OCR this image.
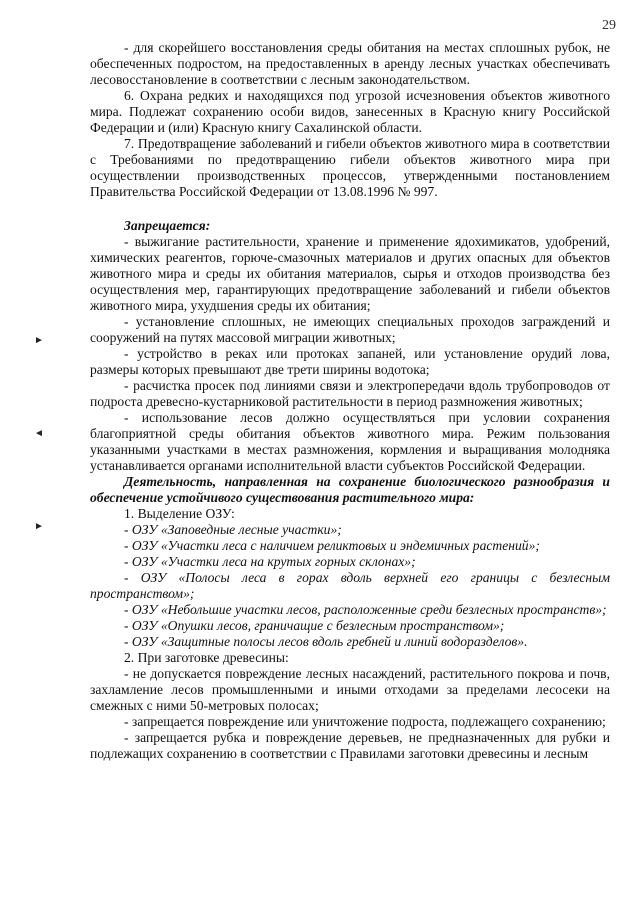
29
►
◄
►

- для скорейшего восстановления среды обитания на местах сплошных рубок, не обеспеченных подростом, на предоставленных в аренду лесных участках обеспечивать лесовосстановление в соответствии с лесным законодательством.

6. Охрана редких и находящихся под угрозой исчезновения объектов животного мира. Подлежат сохранению особи видов, занесенных в Красную книгу Российской Федерации и (или) Красную книгу Сахалинской области.

7. Предотвращение заболеваний и гибели объектов животного мира в соответствии с Требованиями по предотвращению гибели объектов животного мира при осуществлении производственных процессов, утвержденными постановлением Правительства Российской Федерации от 13.08.1996 № 997.

Запрещается:

- выжигание растительности, хранение и применение ядохимикатов, удобрений, химических реагентов, горюче-смазочных материалов и других опасных для объектов животного мира и среды их обитания материалов, сырья и отходов производства без осуществления мер, гарантирующих предотвращение заболеваний и гибели объектов животного мира, ухудшения среды их обитания;

- установление сплошных, не имеющих специальных проходов заграждений и сооружений на путях массовой миграции животных;

- устройство в реках или протоках запаней, или установление орудий лова, размеры которых превышают две трети ширины водотока;

- расчистка просек под линиями связи и электропередачи вдоль трубопроводов от подроста древесно-кустарниковой растительности в период размножения животных;

- использование лесов должно осуществляться при условии сохранения благоприятной среды обитания объектов животного мира. Режим пользования указанными участками в местах размножения, кормления и выращивания молодняка устанавливается органами исполнительной власти субъектов Российской Федерации.

Деятельность, направленная на сохранение биологического разнообразия и обеспечение устойчивого существования растительного мира:

1. Выделение ОЗУ:

- ОЗУ «Заповедные лесные участки»;

- ОЗУ «Участки леса с наличием реликтовых и эндемичных растений»;

- ОЗУ «Участки леса на крутых горных склонах»;

- ОЗУ «Полосы леса в горах вдоль верхней его границы с безлесным пространством»;

- ОЗУ «Небольшие участки лесов, расположенные среди безлесных пространств»;

- ОЗУ «Опушки лесов, граничащие с безлесным пространством»;

- ОЗУ «Защитные полосы лесов вдоль гребней и линий водоразделов».

2. При заготовке древесины:

- не допускается повреждение лесных насаждений, растительного покрова и почв, захламление лесов промышленными и иными отходами за пределами лесосеки на смежных с ними 50-метровых полосах;

- запрещается повреждение или уничтожение подроста, подлежащего сохранению;

- запрещается рубка и повреждение деревьев, не предназначенных для рубки и подлежащих сохранению в соответствии с Правилами заготовки древесины и лесным
